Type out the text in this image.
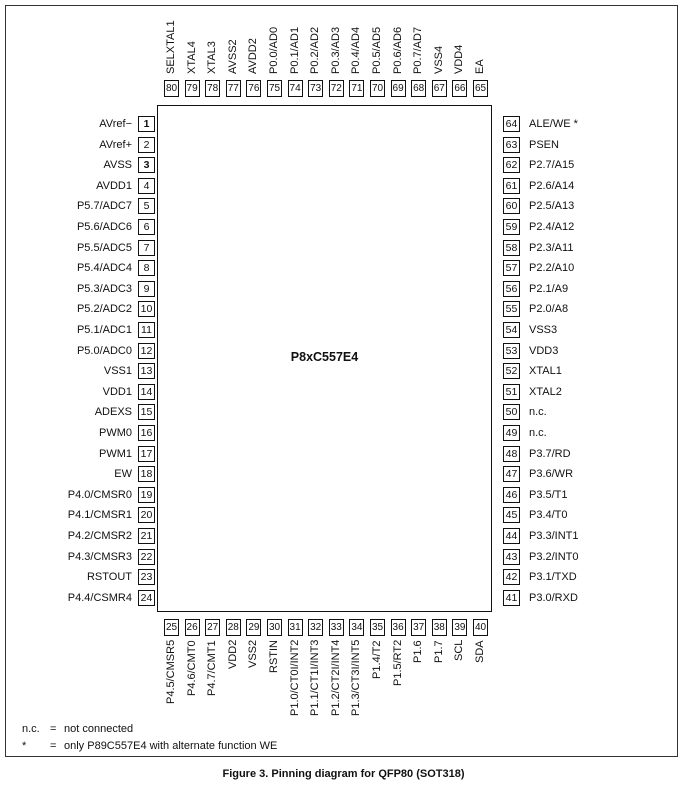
P8xC557E4
1
AVref−
2
AVref+
3
AVSS
4
AVDD1
5
P5.7/ADC7
6
P5.6/ADC6
7
P5.5/ADC5
8
P5.4/ADC4
9
P5.3/ADC3
10
P5.2/ADC2
11
P5.1/ADC1
12
P5.0/ADC0
13
VSS1
14
VDD1
15
ADEXS
16
PWM0
17
PWM1
18
EW
19
P4.0/CMSR0
20
P4.1/CMSR1
21
P4.2/CMSR2
22
P4.3/CMSR3
23
RSTOUT
24
P4.4/CSMR4
64 ALE/WE *
63 PSEN
62 P2.7/A15
61 P2.6/A14
60 P2.5/A13
59 P2.4/A12
58 P2.3/A11
57 P2.2/A10
56 P2.1/A9
55 P2.0/A8
54 VSS3
53 VDD3
52 XTAL1
51 XTAL2
50 n.c.
49 n.c.
48 P3.7/RD
47 P3.6/WR
46 P3.5/T1
45 P3.4/T0
44 P3.3/INT1
43 P3.2/INT0
42 P3.1/TXD
41 P3.0/RXD
80
SELXTAL1
79
XTAL4
78
XTAL3
77
AVSS2
76
AVDD2
75
P0.0/AD0
74
P0.1/AD1
73
P0.2/AD2
72
P0.3/AD3
71
P0.4/AD4
70
P0.5/AD5
69
P0.6/AD6
68
P0.7/AD7
67
VSS4
66
VDD4
65
EA
25
P4.5/CMSR5
26
P4.6/CMT0
27
P4.7/CMT1
28
VDD2
29
VSS2
30
RSTIN
31
P1.0/CT0I/INT2
32
P1.1/CT1I/INT3
33
P1.2/CT2I/INT4
34
P1.3/CT3I/INT5
35
P1.4/T2
36
P1.5/RT2
37
P1.6
38
P1.7
39
SCL
40
SDA
n.c. = not connected
*	= only P89C557E4 with alternate function WE
Figure 3. Pinning diagram for QFP80 (SOT318)
